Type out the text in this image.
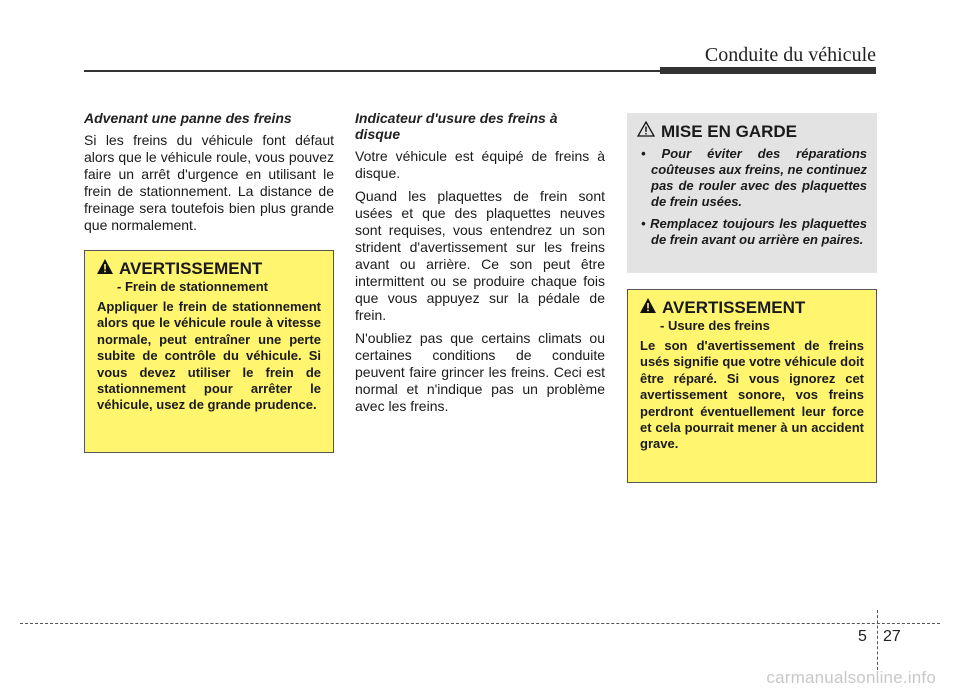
Conduite du véhicule
Advenant une panne des freins

Si les freins du véhicule font défaut alors que le véhicule roule, vous pouvez faire un arrêt d'urgence en utilisant le frein de stationnement. La distance de freinage sera toutefois bien plus grande que normalement.

AVERTISSEMENT
- Frein de stationnement

Appliquer le frein de stationnement alors que le véhicule roule à vitesse normale, peut entraîner une perte subite de contrôle du véhicule. Si vous devez utiliser le frein de stationnement pour arrêter le véhicule, usez de grande prudence.

Indicateur d'usure des freins à disque

Votre véhicule est équipé de freins à disque.

Quand les plaquettes de frein sont usées et que des plaquettes neuves sont requises, vous entendrez un son strident d'avertissement sur les freins avant ou arrière. Ce son peut être intermittent ou se produire chaque fois que vous appuyez sur la pédale de frein.

N'oubliez pas que certains climats ou certaines conditions de conduite peuvent faire grincer les freins. Ceci est normal et n'indique pas un problème avec les freins.

MISE EN GARDE
• Pour éviter des réparations coûteuses aux freins, ne continuez pas de rouler avec des plaquettes de frein usées.
• Remplacez toujours les plaquettes de frein avant ou arrière en paires.
AVERTISSEMENT
- Usure des freins

Le son d'avertissement de freins usés signifie que votre véhicule doit être réparé. Si vous ignorez cet avertissement sonore, vos freins perdront éventuellement leur force et cela pourrait mener à un accident grave.

5 27
carmanualsonline.info
